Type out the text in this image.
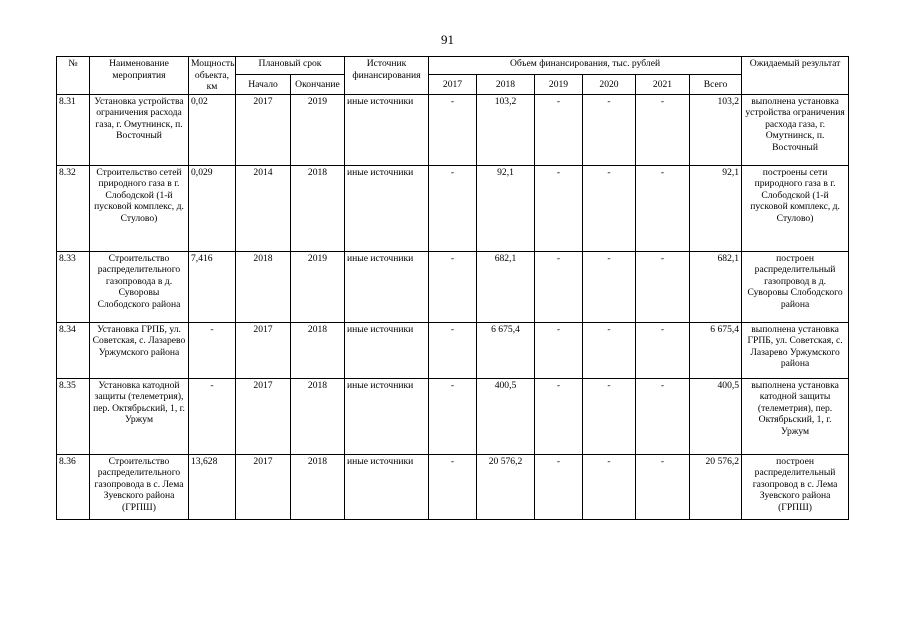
91
№	Наименование мероприятия	Мощность объекта, км	Плановый срок		Источник финансирования	Объем финансирования, тыс. рублей						Ожидаемый результат
			Начало	Окончание		2017	2018	2019	2020	2021	Всего	
8.31	Установка устройства ограничения расхода газа, г. Омутнинск, п. Восточный	0,02	2017	2019	иные источники	-	103,2	-	-	-	103,2	выполнена установка устройства ограничения расхода газа, г. Омутнинск, п. Восточный
8.32	Строительство сетей природного газа в г. Слободской (1-й пусковой комплекс, д. Стулово)	0,029	2014	2018	иные источники	-	92,1	-	-	-	92,1	построены сети природного газа в г. Слободской (1-й пусковой комплекс, д. Стулово)
8.33	Строительство распределительного газопровода в д. Суворовы Слободского района	7,416	2018	2019	иные источники	-	682,1	-	-	-	682,1	построен распределительный газопровод в д. Суворовы Слободского района
8.34	Установка ГРПБ, ул. Советская, с. Лазарево Уржумского района	-	2017	2018	иные источники	-	6 675,4	-	-	-	6 675,4	выполнена установка ГРПБ, ул. Советская, с. Лазарево Уржумского района
8.35	Установка катодной защиты (телеметрия), пер. Октябрьский, 1, г. Уржум	-	2017	2018	иные источники	-	400,5	-	-	-	400,5	выполнена установка катодной защиты (телеметрия), пер. Октябрьский, 1, г. Уржум
8.36	Строительство распределительного газопровода в с. Лема Зуевского района (ГРПШ)	13,628	2017	2018	иные источники	-	20 576,2	-	-	-	20 576,2	построен распределительный газопровод в с. Лема Зуевского района (ГРПШ)
